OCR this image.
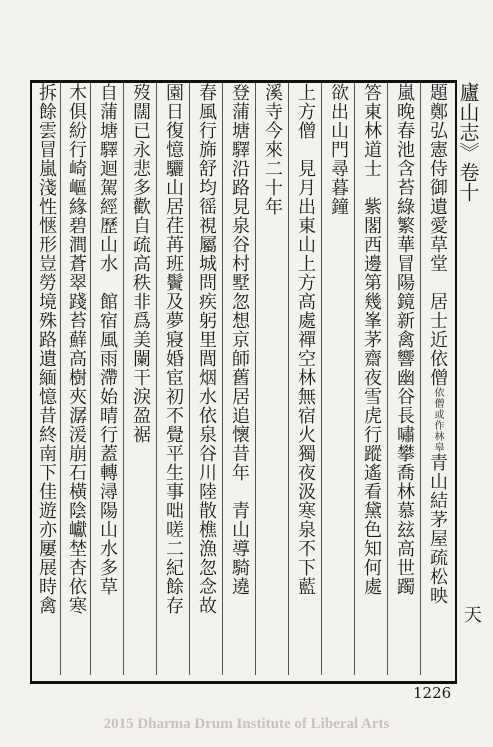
題鄭弘憲侍御遺愛草堂　居士近依僧依僧或作林皋青山結茅屋疏松映
嵐晚春池含苔綠繁華冒陽鏡新禽響幽谷長嘯攀喬林慕玆高世躅
答東林道士　紫閣西邊第幾峯茅齋夜雪虎行蹤遙看黛色知何處
欲出山門尋暮鐘
上方僧　見月出東山上方高處禪空林無宿火獨夜汲寒泉不下藍
溪寺今來二十年
登蒲塘驛沿路見泉谷村墅忽想京師舊居追懷昔年　青山導騎遶
春風行旆舒均徭視屬城問疾躬里閭烟水依泉谷川陸散樵漁忽念故
園日復憶驪山居荏苒班鬢及夢寢婚宦初不覺平生事咄嗟二紀餘存
歿闊已永悲多歡自疏高秩非爲美闌干淚盈裾
自蒲塘驛迴駕經歷山水　館宿風雨滯始晴行蓋轉潯陽山水多草
木俱紛行崎嶇緣碧澗蒼翠踐苔蘚高樹夾潺湲崩石橫陰巘埜杏依寒
拆餘雲冒嵐淺性惬形豈勞境殊路遺緬憶昔終南下佳遊亦屢展時禽	廬山志》卷十
天
1226
2015 Dharma Drum Institute of Liberal Arts
